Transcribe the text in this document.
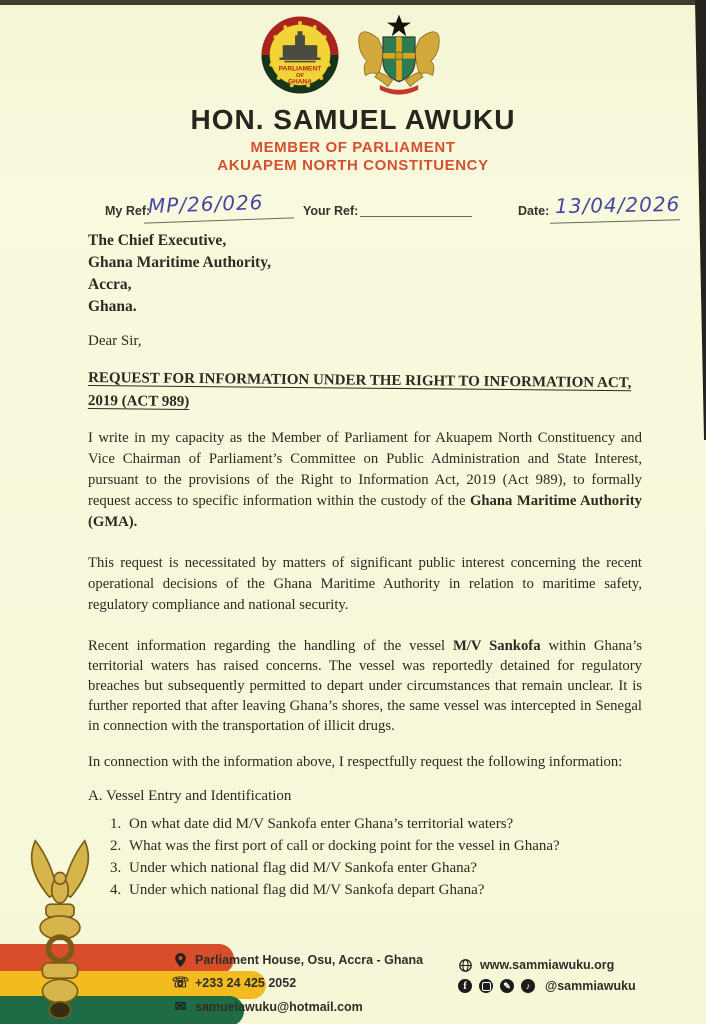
PARLIAMENT
OF
GHANA
HON. SAMUEL AWUKU
MEMBER OF PARLIAMENT
AKUAPEM NORTH CONSTITUENCY
My Ref:
MP/26/026	Your Ref:	Date: 13/04/2026
The Chief Executive,
Ghana Maritime Authority,
Accra,
Ghana.
Dear Sir,
REQUEST FOR INFORMATION UNDER THE RIGHT TO INFORMATION ACT, 2019 (ACT 989)

I write in my capacity as the Member of Parliament for Akuapem North Constituency and Vice Chairman of Parliament’s Committee on Public Administration and State Interest, pursuant to the provisions of the Right to Information Act, 2019 (Act 989), to formally request access to specific information within the custody of the Ghana Maritime Authority (GMA).

This request is necessitated by matters of significant public interest concerning the recent operational decisions of the Ghana Maritime Authority in relation to maritime safety, regulatory compliance and national security.

Recent information regarding the handling of the vessel M/V Sankofa within Ghana’s territorial waters has raised concerns. The vessel was reportedly detained for regulatory breaches but subsequently permitted to depart under circumstances that remain unclear. It is further reported that after leaving Ghana’s shores, the same vessel was intercepted in Senegal in connection with the transportation of illicit drugs.

In connection with the information above, I respectfully request the following information:

A. Vessel Entry and Identification
1. On what date did M/V Sankofa enter Ghana’s territorial waters?
2. What was the first port of call or docking point for the vessel in Ghana?
3. Under which national flag did M/V Sankofa enter Ghana?
4. Under which national flag did M/V Sankofa depart Ghana?
Parliament House, Osu, Accra - Ghana
☏ +233 24 425 2052
✉ samuelawuku@hotmail.com
www.sammiawuku.org
f	✎ ♪ @sammiawuku
